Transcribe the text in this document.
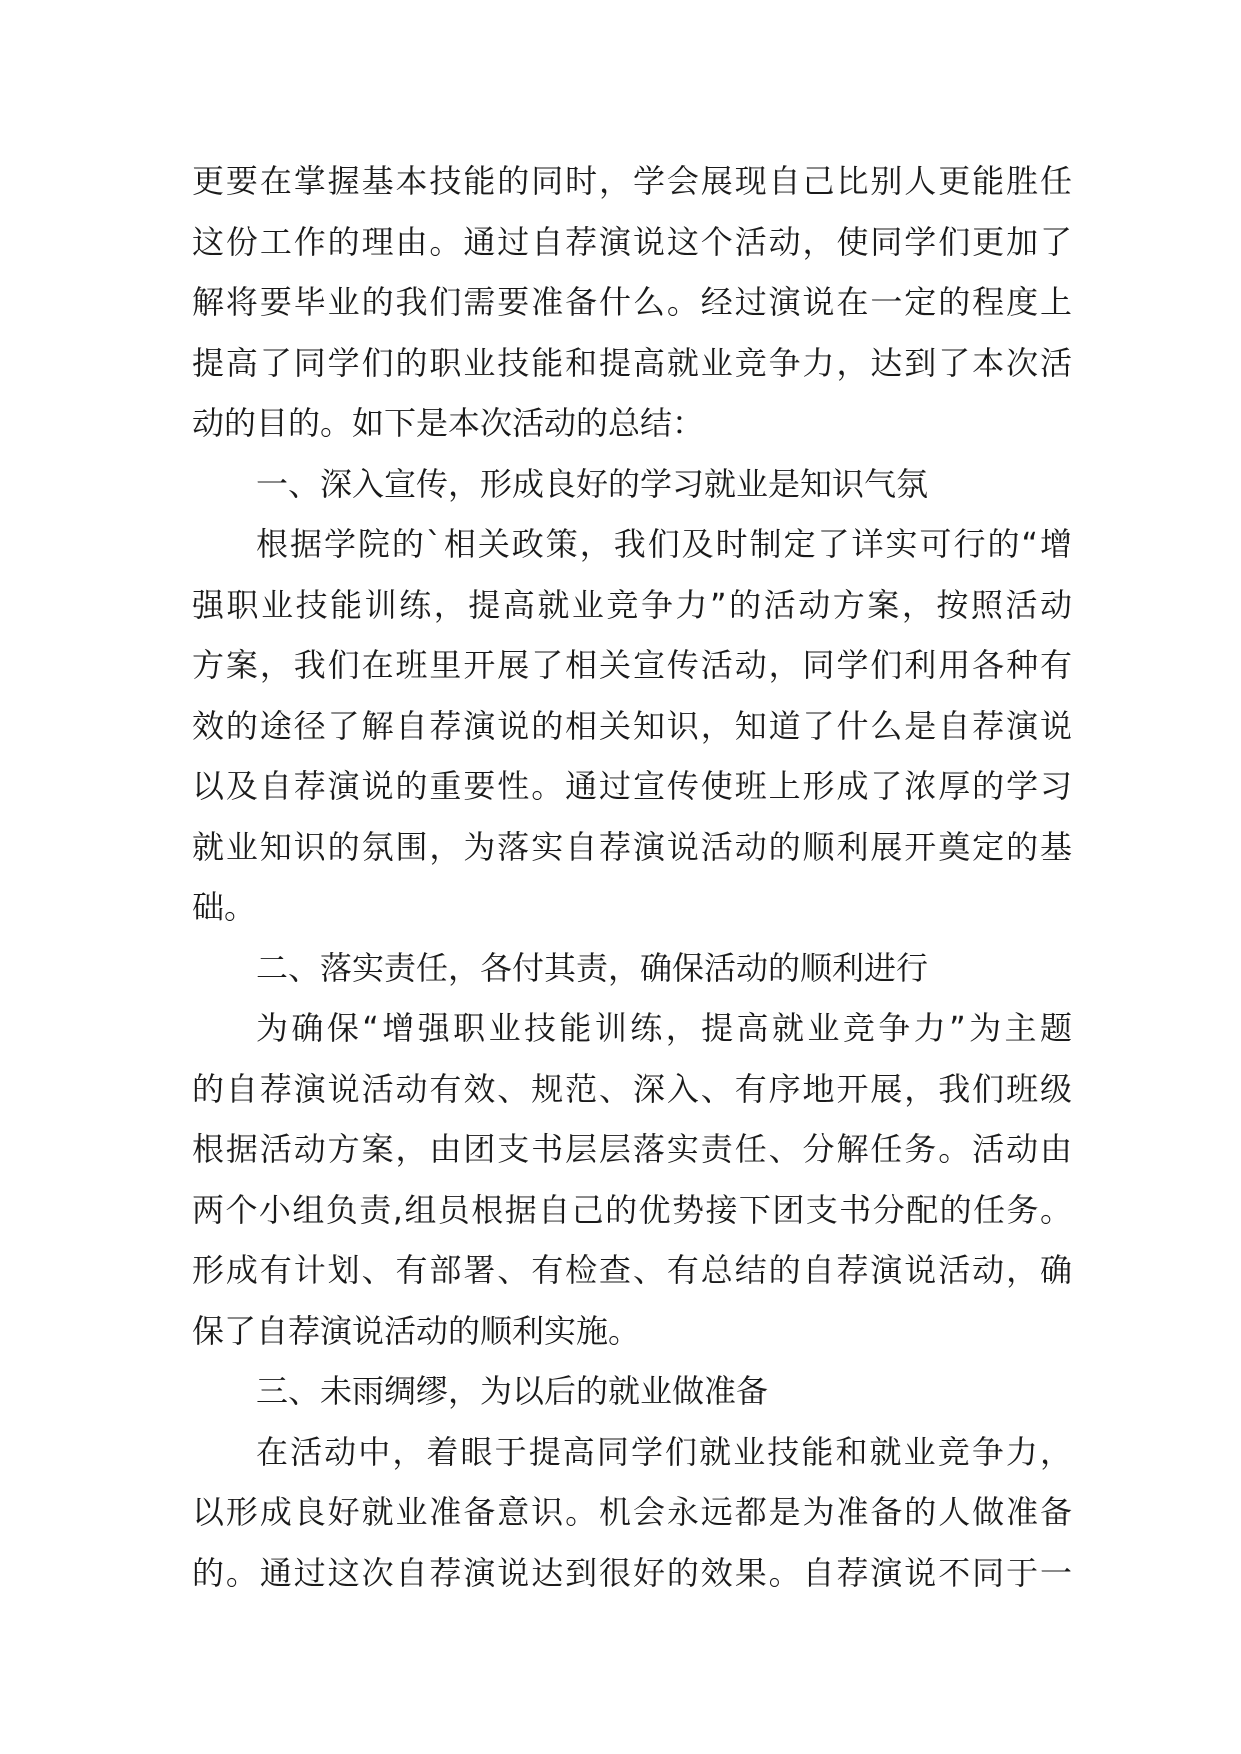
更要在掌握基本技能的同时，学会展现自己比别人更能胜任
这份工作的理由。通过自荐演说这个活动，使同学们更加了
解将要毕业的我们需要准备什么。经过演说在一定的程度上
提高了同学们的职业技能和提高就业竞争力，达到了本次活
动的目的。如下是本次活动的总结：
一、深入宣传，形成良好的学习就业是知识气氛
根据学院的`相关政策，我们及时制定了详实可行的“增
强职业技能训练，提高就业竞争力”的活动方案，按照活动
方案，我们在班里开展了相关宣传活动，同学们利用各种有
效的途径了解自荐演说的相关知识，知道了什么是自荐演说
以及自荐演说的重要性。通过宣传使班上形成了浓厚的学习
就业知识的氛围，为落实自荐演说活动的顺利展开奠定的基
础。
二、落实责任，各付其责，确保活动的顺利进行
为确保“增强职业技能训练，提高就业竞争力”为主题
的自荐演说活动有效、规范、深入、有序地开展，我们班级
根据活动方案，由团支书层层落实责任、分解任务。活动由
两个小组负责,组员根据自己的优势接下团支书分配的任务。
形成有计划、有部署、有检查、有总结的自荐演说活动，确
保了自荐演说活动的顺利实施。
三、未雨绸缪，为以后的就业做准备
在活动中，着眼于提高同学们就业技能和就业竞争力，
以形成良好就业准备意识。机会永远都是为准备的人做准备
的。通过这次自荐演说达到很好的效果。自荐演说不同于一
